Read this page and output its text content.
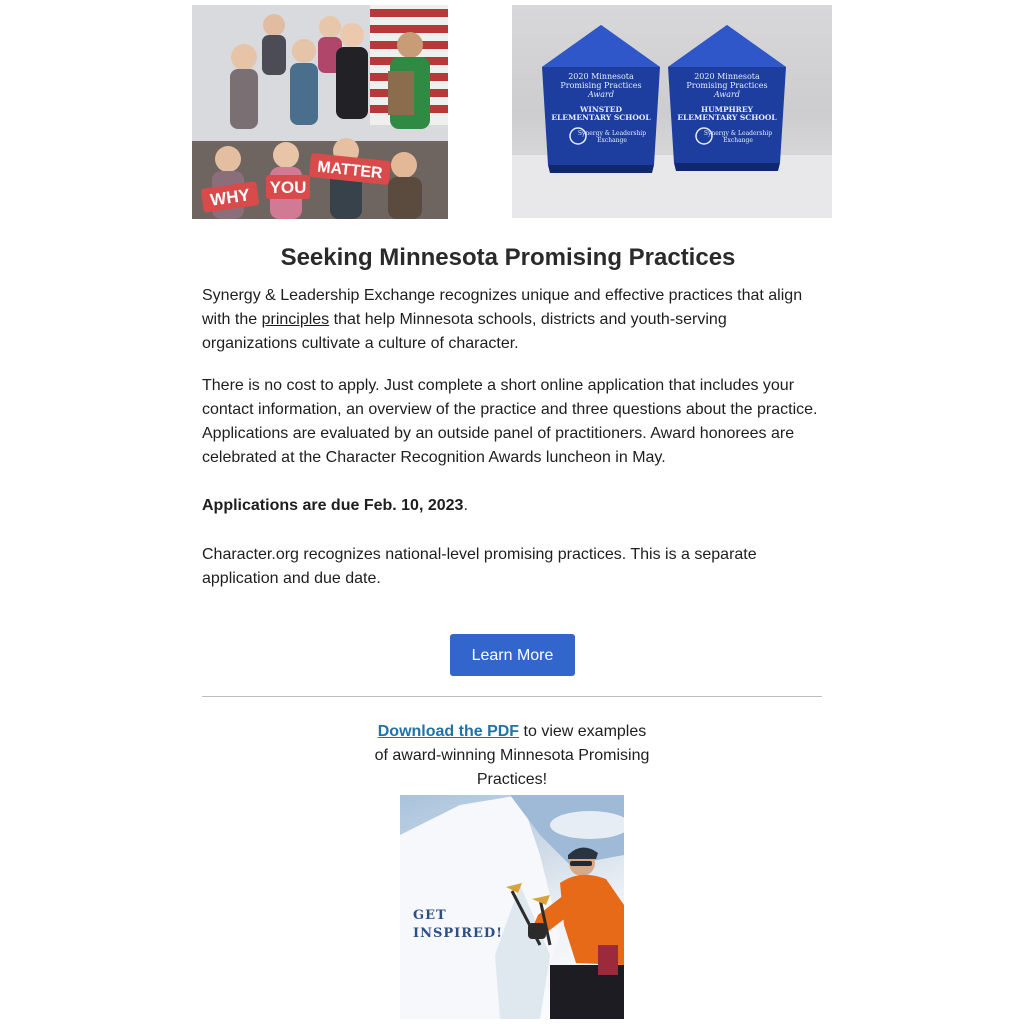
WHY YOU
MATTER
2020 Minnesota
Promising Practices
Award
WINSTED
ELEMENTARY SCHOOL
Synergy & Leadership
Exchange
2020 Minnesota
Promising Practices
Award
HUMPHREY
ELEMENTARY SCHOOL
Synergy & Leadership
Exchange
Seeking Minnesota Promising Practices
Synergy & Leadership Exchange recognizes unique and effective practices that align with the principles that help Minnesota schools, districts and youth-serving organizations cultivate a culture of character.
There is no cost to apply. Just complete a short online application that includes your contact information, an overview of the practice and three questions about the practice. Applications are evaluated by an outside panel of practitioners. Award honorees are celebrated at the Character Recognition Awards luncheon in May.
Applications are due Feb. 10, 2023.
Character.org recognizes national-level promising practices. This is a separate application and due date.
Learn More
Download the PDF to view examples of award-winning Minnesota Promising Practices!
GET
INSPIRED!
